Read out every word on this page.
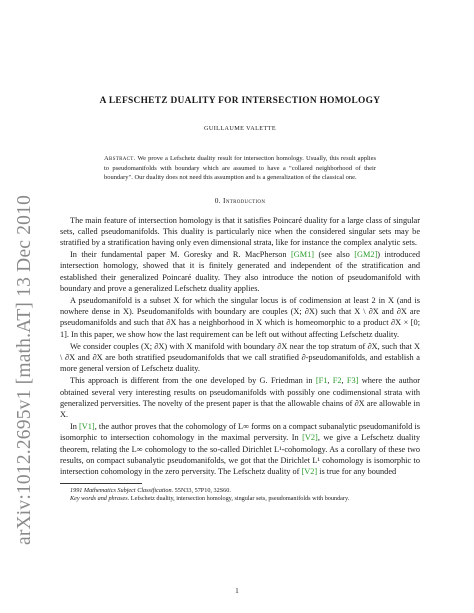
arXiv:1012.2695v1 [math.AT] 13 Dec 2010
A LEFSCHETZ DUALITY FOR INTERSECTION HOMOLOGY
GUILLAUME VALETTE
Abstract. We prove a Lefschetz duality result for intersection homology. Usually, this result applies to pseudomanifolds with boundary which are assumed to have a "collared neighborhood of their boundary". Our duality does not need this assumption and is a generalization of the classical one.
0. Introduction

The main feature of intersection homology is that it satisfies Poincaré duality for a large class of singular sets, called pseudomanifolds. This duality is particularly nice when the considered singular sets may be stratified by a stratification having only even dimensional strata, like for instance the complex analytic sets.

In their fundamental paper M. Goresky and R. MacPherson [GM1] (see also [GM2]) introduced intersection homology, showed that it is finitely generated and independent of the stratification and established their generalized Poincaré duality. They also introduce the notion of pseudomanifold with boundary and prove a generalized Lefschetz duality applies.

A pseudomanifold is a subset X for which the singular locus is of codimension at least 2 in X (and is nowhere dense in X). Pseudomanifolds with boundary are couples (X; ∂X) such that X \ ∂X and ∂X are pseudomanifolds and such that ∂X has a neighborhood in X which is homeomorphic to a product ∂X × [0; 1]. In this paper, we show how the last requirement can be left out without affecting Lefschetz duality.

We consider couples (X; ∂X) with X manifold with boundary ∂X near the top stratum of ∂X, such that X \ ∂X and ∂X are both stratified pseudomanifolds that we call stratified ∂-pseudomanifolds, and establish a more general version of Lefschetz duality.

This approach is different from the one developed by G. Friedman in [F1, F2, F3] where the author obtained several very interesting results on pseudomanifolds with possibly one codimensional strata with generalized perversities. The novelty of the present paper is that the allowable chains of ∂X are allowable in X.

In [V1], the author proves that the cohomology of L∞ forms on a compact subanalytic pseudomanifold is isomorphic to intersection cohomology in the maximal perversity. In [V2], we give a Lefschetz duality theorem, relating the L∞ cohomology to the so-called Dirichlet L¹-cohomology. As a corollary of these two results, on compact subanalytic pseudomanifolds, we got that the Dirichlet L¹ cohomology is isomorphic to intersection cohomology in the zero perversity. The Lefschetz duality of [V2] is true for any bounded

1991 Mathematics Subject Classification. 55N33, 57P10, 32S60.

Key words and phrases. Lefschetz duality, intersection homology, singular sets, pseudomanifolds with boundary.

1
